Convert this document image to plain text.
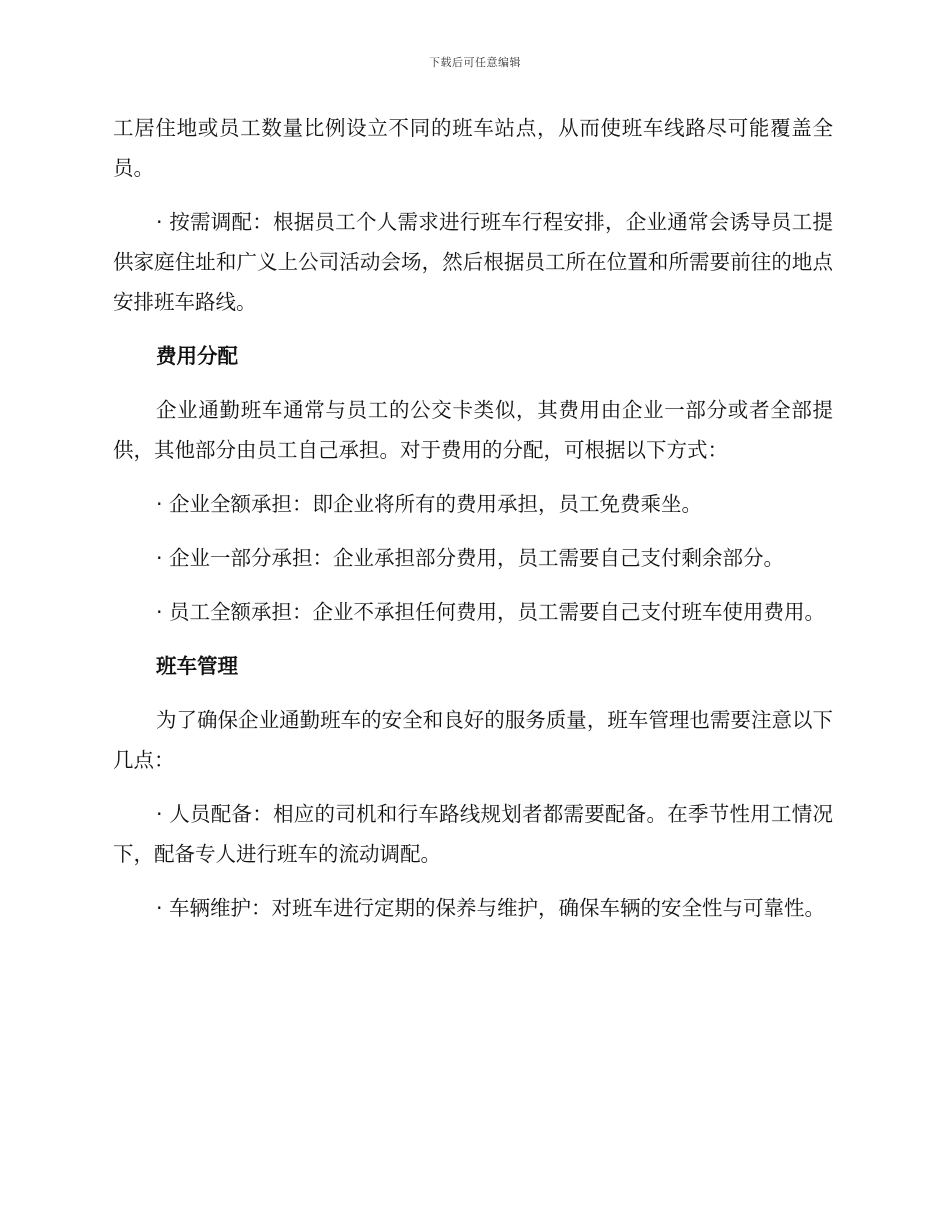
下载后可任意编辑

工居住地或员工数量比例设立不同的班车站点，从而使班车线路尽可能覆盖全员。

· 按需调配：根据员工个人需求进行班车行程安排，企业通常会诱导员工提供家庭住址和广义上公司活动会场，然后根据员工所在位置和所需要前往的地点安排班车路线。

费用分配

企业通勤班车通常与员工的公交卡类似，其费用由企业一部分或者全部提供，其他部分由员工自己承担。对于费用的分配，可根据以下方式：

· 企业全额承担：即企业将所有的费用承担，员工免费乘坐。

· 企业一部分承担：企业承担部分费用，员工需要自己支付剩余部分。

· 员工全额承担：企业不承担任何费用，员工需要自己支付班车使用费用。

班车管理

为了确保企业通勤班车的安全和良好的服务质量，班车管理也需要注意以下几点：

· 人员配备：相应的司机和行车路线规划者都需要配备。在季节性用工情况下，配备专人进行班车的流动调配。

· 车辆维护：对班车进行定期的保养与维护，确保车辆的安全性与可靠性。
